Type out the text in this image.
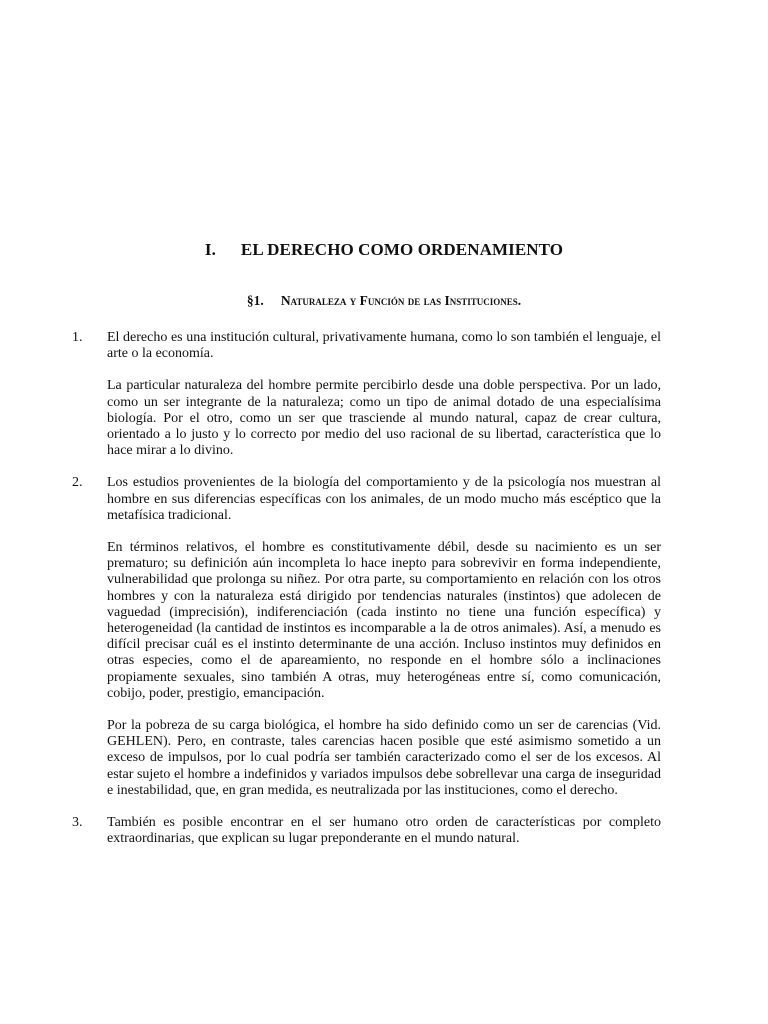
I. EL DERECHO COMO ORDENAMIENTO
§1. Naturaleza y Función de las Instituciones.
1. El derecho es una institución cultural, privativamente humana, como lo son también el lenguaje, el arte o la economía.

La particular naturaleza del hombre permite percibirlo desde una doble perspectiva. Por un lado, como un ser integrante de la naturaleza; como un tipo de animal dotado de una especialísima biología. Por el otro, como un ser que trasciende al mundo natural, capaz de crear cultura, orientado a lo justo y lo correcto por medio del uso racional de su libertad, característica que lo hace mirar a lo divino.

2. Los estudios provenientes de la biología del comportamiento y de la psicología nos muestran al hombre en sus diferencias específicas con los animales, de un modo mucho más escéptico que la metafísica tradicional.

En términos relativos, el hombre es constitutivamente débil, desde su nacimiento es un ser prematuro; su definición aún incompleta lo hace inepto para sobrevivir en forma independiente, vulnerabilidad que prolonga su niñez. Por otra parte, su comportamiento en relación con los otros hombres y con la naturaleza está dirigido por tendencias naturales (instintos) que adolecen de vaguedad (imprecisión), indiferenciación (cada instinto no tiene una función específica) y heterogeneidad (la cantidad de instintos es incomparable a la de otros animales). Así, a menudo es difícil precisar cuál es el instinto determinante de una acción. Incluso instintos muy definidos en otras especies, como el de apareamiento, no responde en el hombre sólo a inclinaciones propiamente sexuales, sino también A otras, muy heterogéneas entre sí, como comunicación, cobijo, poder, prestigio, emancipación.

Por la pobreza de su carga biológica, el hombre ha sido definido como un ser de carencias (Vid. GEHLEN). Pero, en contraste, tales carencias hacen posible que esté asimismo sometido a un exceso de impulsos, por lo cual podría ser también caracterizado como el ser de los excesos. Al estar sujeto el hombre a indefinidos y variados impulsos debe sobrellevar una carga de inseguridad e inestabilidad, que, en gran medida, es neutralizada por las instituciones, como el derecho.

3. También es posible encontrar en el ser humano otro orden de características por completo extraordinarias, que explican su lugar preponderante en el mundo natural.
